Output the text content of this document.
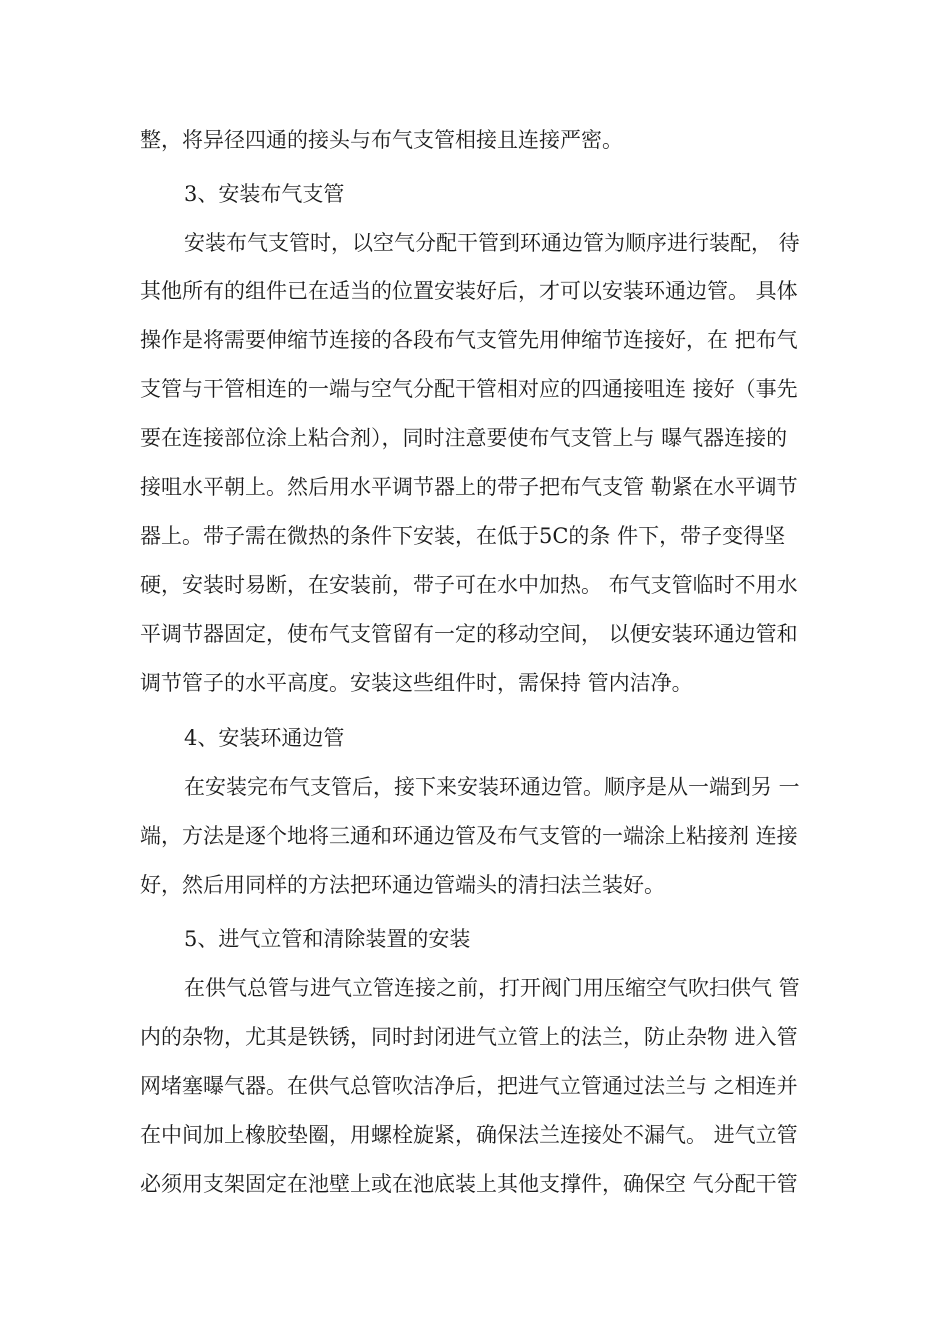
整，将异径四通的接头与布气支管相接且连接严密。
3、安装布气支管
安装布气支管时，以空气分配干管到环通边管为顺序进行装配， 待
其他所有的组件已在适当的位置安装好后，才可以安装环通边管。 具体
操作是将需要伸缩节连接的各段布气支管先用伸缩节连接好，在 把布气
支管与干管相连的一端与空气分配干管相对应的四通接咀连 接好（事先
要在连接部位涂上粘合剂），同时注意要使布气支管上与 曝气器连接的
接咀水平朝上。然后用水平调节器上的带子把布气支管 勒紧在水平调节
器上。带子需在微热的条件下安装，在低于5C的条 件下，带子变得坚
硬，安装时易断，在安装前，带子可在水中加热。 布气支管临时不用水
平调节器固定，使布气支管留有一定的移动空间， 以便安装环通边管和
调节管子的水平高度。安装这些组件时，需保持 管内洁净。
4、安装环通边管
在安装完布气支管后，接下来安装环通边管。顺序是从一端到另 一
端，方法是逐个地将三通和环通边管及布气支管的一端涂上粘接剂 连接
好，然后用同样的方法把环通边管端头的清扫法兰装好。
5、进气立管和清除装置的安装
在供气总管与进气立管连接之前，打开阀门用压缩空气吹扫供气 管
内的杂物，尤其是铁锈，同时封闭进气立管上的法兰，防止杂物 进入管
网堵塞曝气器。在供气总管吹洁净后，把进气立管通过法兰与 之相连并
在中间加上橡胶垫圈，用螺栓旋紧，确保法兰连接处不漏气。 进气立管
必须用支架固定在池壁上或在池底装上其他支撑件，确保空 气分配干管
